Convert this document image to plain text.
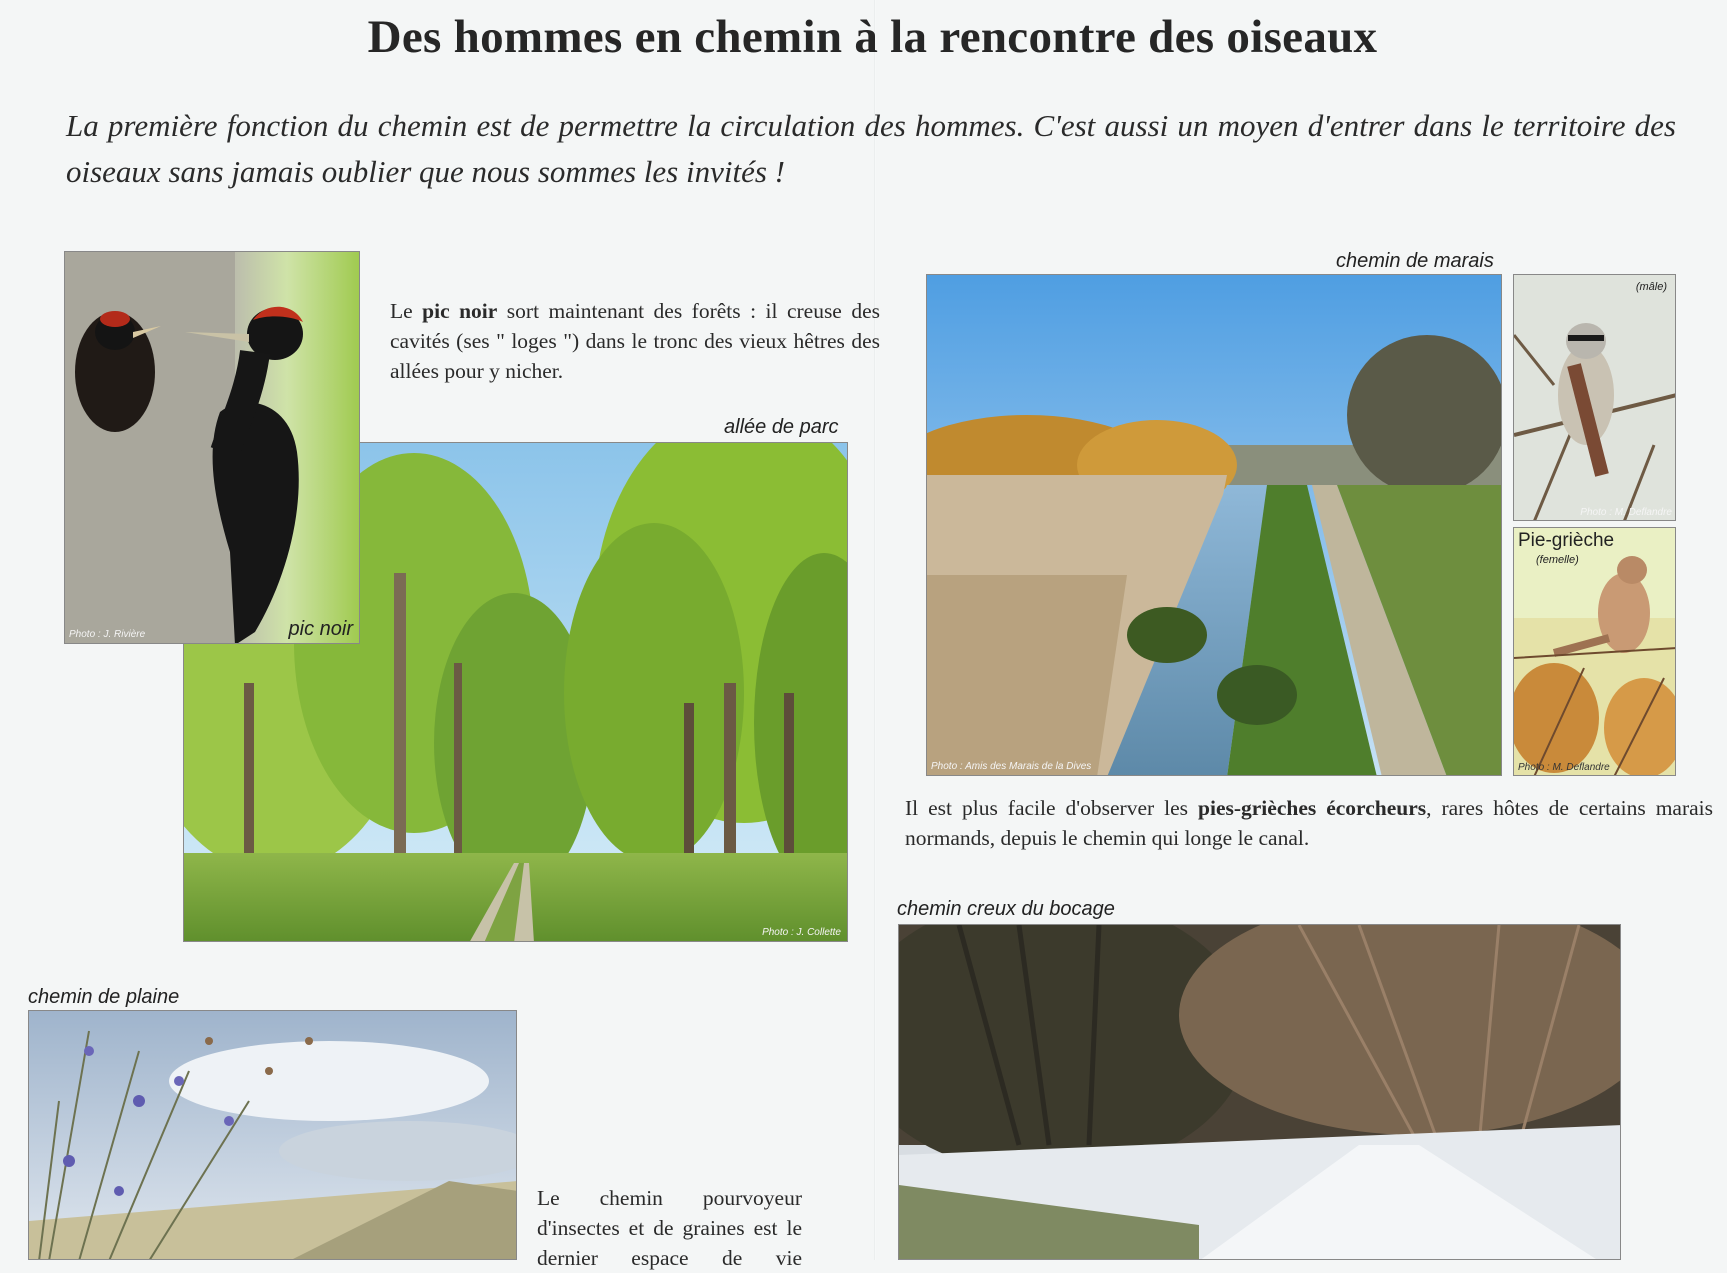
Des hommes en chemin à la rencontre des oiseaux

La première fonction du chemin est de permettre la circulation des hommes. C'est aussi un moyen d'entrer dans le territoire des oiseaux sans jamais oublier que nous sommes les invités !

allée de parc
Photo : J. Collette
pic noir
Photo : J. Rivière

Le pic noir sort maintenant des forêts : il creuse des cavités (ses " loges ") dans le tronc des vieux hêtres des allées pour y nicher.

chemin de marais
Photo : Amis des Marais de la Dives
(mâle)
Photo : M. Deflandre
Pie-grièche
(femelle)
Photo : M. Deflandre

Il est plus facile d'observer les pies-grièches écorcheurs, rares hôtes de certains marais normands, depuis le chemin qui longe le canal.

chemin creux du bocage
chemin de plaine

Le chemin pourvoyeur d'insectes et de graines est le dernier espace de vie
